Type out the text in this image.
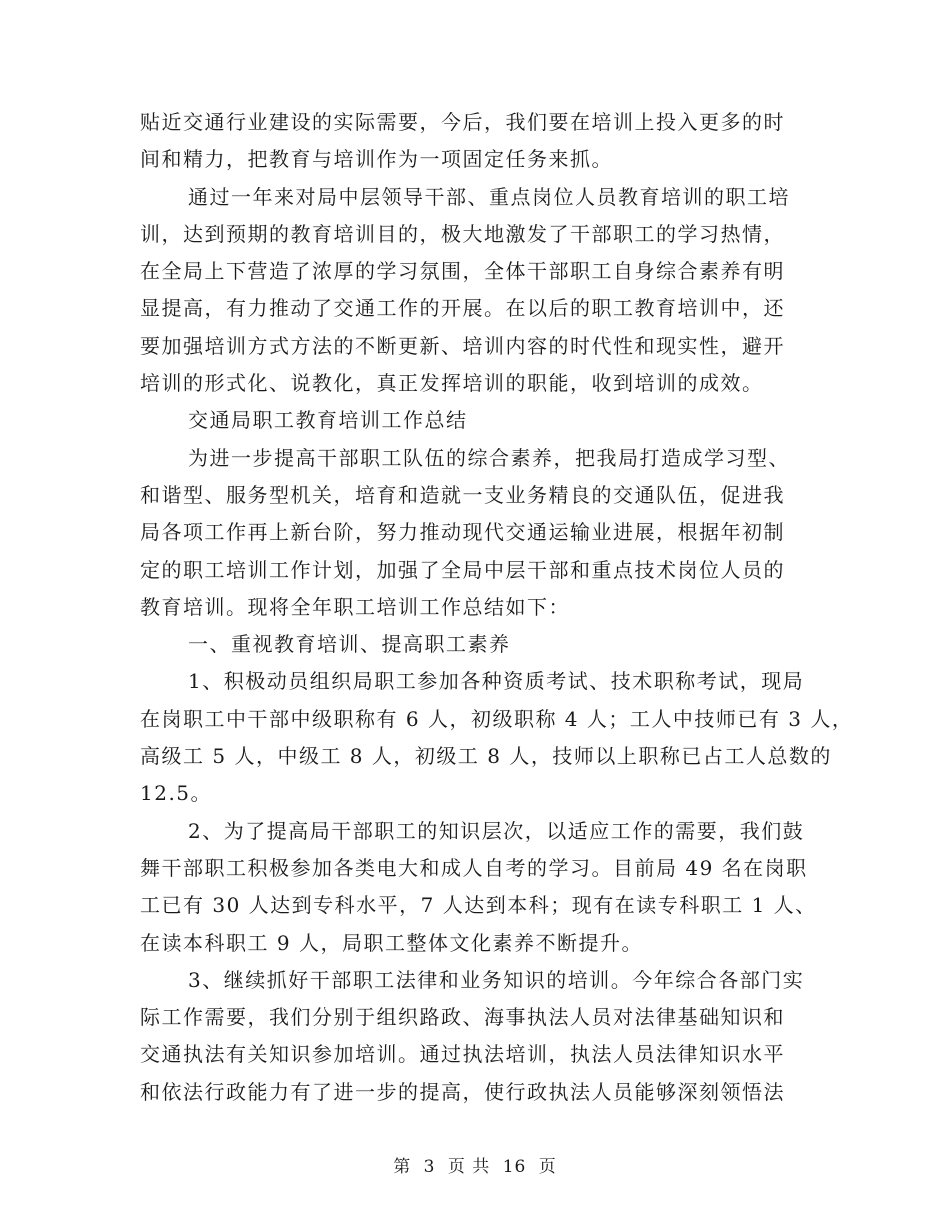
贴近交通行业建设的实际需要，今后，我们要在培训上投入更多的时
间和精力，把教育与培训作为一项固定任务来抓。
通过一年来对局中层领导干部、重点岗位人员教育培训的职工培
训，达到预期的教育培训目的，极大地激发了干部职工的学习热情，
在全局上下营造了浓厚的学习氛围，全体干部职工自身综合素养有明
显提高，有力推动了交通工作的开展。在以后的职工教育培训中，还
要加强培训方式方法的不断更新、培训内容的时代性和现实性，避开
培训的形式化、说教化，真正发挥培训的职能，收到培训的成效。
交通局职工教育培训工作总结
为进一步提高干部职工队伍的综合素养，把我局打造成学习型、
和谐型、服务型机关，培育和造就一支业务精良的交通队伍，促进我
局各项工作再上新台阶，努力推动现代交通运输业进展，根据年初制
定的职工培训工作计划，加强了全局中层干部和重点技术岗位人员的
教育培训。现将全年职工培训工作总结如下：
一、重视教育培训、提高职工素养
1、积极动员组织局职工参加各种资质考试、技术职称考试，现局
在岗职工中干部中级职称有 6 人，初级职称 4 人；工人中技师已有 3 人，
高级工 5 人，中级工 8 人，初级工 8 人，技师以上职称已占工人总数的
12.5。
2、为了提高局干部职工的知识层次，以适应工作的需要，我们鼓
舞干部职工积极参加各类电大和成人自考的学习。目前局 49 名在岗职
工已有 30 人达到专科水平，7 人达到本科；现有在读专科职工 1 人、
在读本科职工 9 人，局职工整体文化素养不断提升。
3、继续抓好干部职工法律和业务知识的培训。今年综合各部门实
际工作需要，我们分别于组织路政、海事执法人员对法律基础知识和
交通执法有关知识参加培训。通过执法培训，执法人员法律知识水平
和依法行政能力有了进一步的提高，使行政执法人员能够深刻领悟法
第 3 页 共 16 页
